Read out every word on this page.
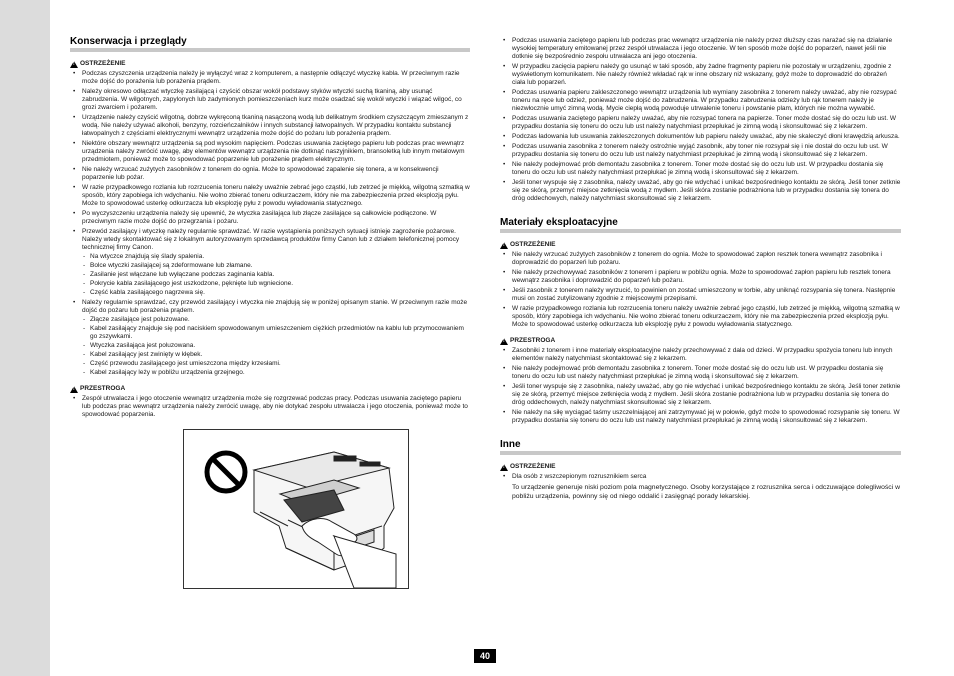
Konserwacja i przeglądy
!
OSTRZEŻENIE
• Podczas czyszczenia urządzenia należy je wyłączyć wraz z komputerem, a następnie odłączyć wtyczkę kabla. W przeciwnym razie może dojść do porażenia lub porażenia prądem.
• Należy okresowo odłączać wtyczkę zasilającą i czyścić obszar wokół podstawy styków wtyczki suchą tkaniną, aby usunąć zabrudzenia. W wilgotnych, zapylonych lub zadymionych pomieszczeniach kurz może osadzać się wokół wtyczki i wiązać wilgoć, co grozi zwarciem i pożarem.
• Urządzenie należy czyścić wilgotną, dobrze wykręconą tkaniną nasączoną wodą lub delikatnym środkiem czyszczącym zmieszanym z wodą. Nie należy używać alkoholi, benzyny, rozcieńczalników i innych substancji łatwopalnych. W przypadku kontaktu substancji łatwopalnych z częściami elektrycznymi wewnątrz urządzenia może dojść do pożaru lub porażenia prądem.
• Niektóre obszary wewnątrz urządzenia są pod wysokim napięciem. Podczas usuwania zaciętego papieru lub podczas prac wewnątrz urządzenia należy zwrócić uwagę, aby elementów wewnątrz urządzenia nie dotknąć naszyjnikiem, bransoletką lub innym metalowym przedmiotem, ponieważ może to spowodować poparzenie lub porażenie prądem elektrycznym.
• Nie należy wrzucać zużytych zasobników z tonerem do ognia. Może to spowodować zapalenie się tonera, a w konsekwencji poparzenie lub pożar.
• W razie przypadkowego rozlania lub rozrzucenia toneru należy uważnie zebrać jego cząstki, lub zetrzeć je miękką, wilgotną szmatką w sposób, który zapobiega ich wdychaniu. Nie wolno zbierać toneru odkurzaczem, który nie ma zabezpieczenia przed eksplozją pyłu. Może to spowodować usterkę odkurzacza lub eksplozję pyłu z powodu wyładowania statycznego.
• Po wyczyszczeniu urządzenia należy się upewnić, że wtyczka zasilająca lub złącze zasilające są całkowicie podłączone. W przeciwnym razie może dojść do przegrzania i pożaru.
• Przewód zasilający i wtyczkę należy regularnie sprawdzać. W razie wystąpienia poniższych sytuacji istnieje zagrożenie pożarowe. Należy wtedy skontaktować się z lokalnym autoryzowanym sprzedawcą produktów firmy Canon lub z działem telefonicznej pomocy technicznej firmy Canon.
- Na wtyczce znajdują się ślady spalenia.
- Bolce wtyczki zasilającej są zdeformowane lub złamane.
- Zasilanie jest włączane lub wyłączane podczas zaginania kabla.
- Pokrycie kabla zasilającego jest uszkodzone, pęknięte lub wgniecione.
- Część kabla zasilającego nagrzewa się.
• Należy regularnie sprawdzać, czy przewód zasilający i wtyczka nie znajdują się w poniżej opisanym stanie. W przeciwnym razie może dojść do pożaru lub porażenia prądem.
- Złącze zasilające jest poluzowane.
- Kabel zasilający znajduje się pod naciskiem spowodowanym umieszczeniem ciężkich przedmiotów na kablu lub przymocowaniem go zszywkami.
- Wtyczka zasilająca jest poluzowana.
- Kabel zasilający jest zwinięty w kłębek.
- Część przewodu zasilającego jest umieszczona między krzesłami.
- Kabel zasilający leży w pobliżu urządzenia grzejnego.
!
PRZESTROGA
• Zespół utrwalacza i jego otoczenie wewnątrz urządzenia może się rozgrzewać podczas pracy. Podczas usuwania zaciętego papieru lub podczas prac wewnątrz urządzenia należy zwrócić uwagę, aby nie dotykać zespołu utrwalacza i jego otoczenia, ponieważ może to spowodować poparzenia.
• Podczas usuwania zaciętego papieru lub podczas prac wewnątrz urządzenia nie należy przez dłuższy czas narażać się na działanie wysokiej temperatury emitowanej przez zespół utrwalacza i jego otoczenie. W ten sposób może dojść do poparzeń, nawet jeśli nie dotknie się bezpośrednio zespołu utrwalacza ani jego otoczenia.
• W przypadku zacięcia papieru należy go usunąć w taki sposób, aby żadne fragmenty papieru nie pozostały w urządzeniu, zgodnie z wyświetlonym komunikatem. Nie należy również wkładać rąk w inne obszary niż wskazany, gdyż może to doprowadzić do obrażeń ciała lub poparzeń.
• Podczas usuwania papieru zakleszczonego wewnątrz urządzenia lub wymiany zasobnika z tonerem należy uważać, aby nie rozsypać toneru na ręce lub odzież, ponieważ może dojść do zabrudzenia. W przypadku zabrudzenia odzieży lub rąk tonerem należy je niezwłocznie umyć zimną wodą. Mycie ciepłą wodą powoduje utrwalenie toneru i powstanie plam, których nie można wywabić.
• Podczas usuwania zaciętego papieru należy uważać, aby nie rozsypać tonera na papierze. Toner może dostać się do oczu lub ust. W przypadku dostania się toneru do oczu lub ust należy natychmiast przepłukać je zimną wodą i skonsultować się z lekarzem.
• Podczas ładowania lub usuwania zakleszczonych dokumentów lub papieru należy uważać, aby nie skaleczyć dłoni krawędzią arkusza.
• Podczas usuwania zasobnika z tonerem należy ostrożnie wyjąć zasobnik, aby toner nie rozsypał się i nie dostał do oczu lub ust. W przypadku dostania się toneru do oczu lub ust należy natychmiast przepłukać je zimną wodą i skonsultować się z lekarzem.
• Nie należy podejmować prób demontażu zasobnika z tonerem. Toner może dostać się do oczu lub ust. W przypadku dostania się toneru do oczu lub ust należy natychmiast przepłukać je zimną wodą i skonsultować się z lekarzem.
• Jeśli toner wyspuje się z zasobnika, należy uważać, aby go nie wdychać i unikać bezpośredniego kontaktu ze skórą. Jeśli toner zetknie się ze skórą, przemyć miejsce zetknięcia wodą z mydłem. Jeśli skóra zostanie podrażniona lub w przypadku dostania się tonera do dróg oddechowych, należy natychmiast skonsultować się z lekarzem.
Materiały eksploatacyjne
!
OSTRZEŻENIE
• Nie należy wrzucać zużytych zasobników z tonerem do ognia. Może to spowodować zapłon resztek tonera wewnątrz zasobnika i doprowadzić do poparzeń lub pożaru.
• Nie należy przechowywać zasobników z tonerem i papieru w pobliżu ognia. Może to spowodować zapłon papieru lub resztek tonera wewnątrz zasobnika i doprowadzić do poparzeń lub pożaru.
• Jeśli zasobnik z tonerem należy wyrzucić, to powinien on zostać umieszczony w torbie, aby uniknąć rozsypania się tonera. Następnie musi on zostać zutylizowany zgodnie z miejscowymi przepisami.
• W razie przypadkowego rozlania lub rozrzucenia toneru należy uważnie zebrać jego cząstki, lub zetrzeć je miękką, wilgotną szmatką w sposób, który zapobiega ich wdychaniu. Nie wolno zbierać toneru odkurzaczem, który nie ma zabezpieczenia przed eksplozją pyłu. Może to spowodować usterkę odkurzacza lub eksplozję pyłu z powodu wyładowania statycznego.
!
PRZESTROGA
• Zasobniki z tonerem i inne materiały eksploatacyjne należy przechowywać z dala od dzieci. W przypadku spożycia toneru lub innych elementów należy natychmiast skontaktować się z lekarzem.
• Nie należy podejmować prób demontażu zasobnika z tonerem. Toner może dostać się do oczu lub ust. W przypadku dostania się toneru do oczu lub ust należy natychmiast przepłukać je zimną wodą i skonsultować się z lekarzem.
• Jeśli toner wyspuje się z zasobnika, należy uważać, aby go nie wdychać i unikać bezpośredniego kontaktu ze skórą. Jeśli toner zetknie się ze skórą, przemyć miejsce zetknięcia wodą z mydłem. Jeśli skóra zostanie podrażniona lub w przypadku dostania się tonera do dróg oddechowych, należy natychmiast skonsultować się z lekarzem.
• Nie należy na siłę wyciągać taśmy uszczelniającej ani zatrzymywać jej w połowie, gdyż może to spowodować rozsypanie się toneru. W przypadku dostania się toneru do oczu lub ust należy natychmiast przepłukać je zimną wodą i skonsultować się z lekarzem.
Inne
!
OSTRZEŻENIE
• Dla osób z wszczepionym rozrusznikiem serca
To urządzenie generuje niski poziom pola magnetycznego. Osoby korzystające z rozrusznika serca i odczuwające dolegliwości w pobliżu urządzenia, powinny się od niego oddalić i zasięgnąć porady lekarskiej.
40
